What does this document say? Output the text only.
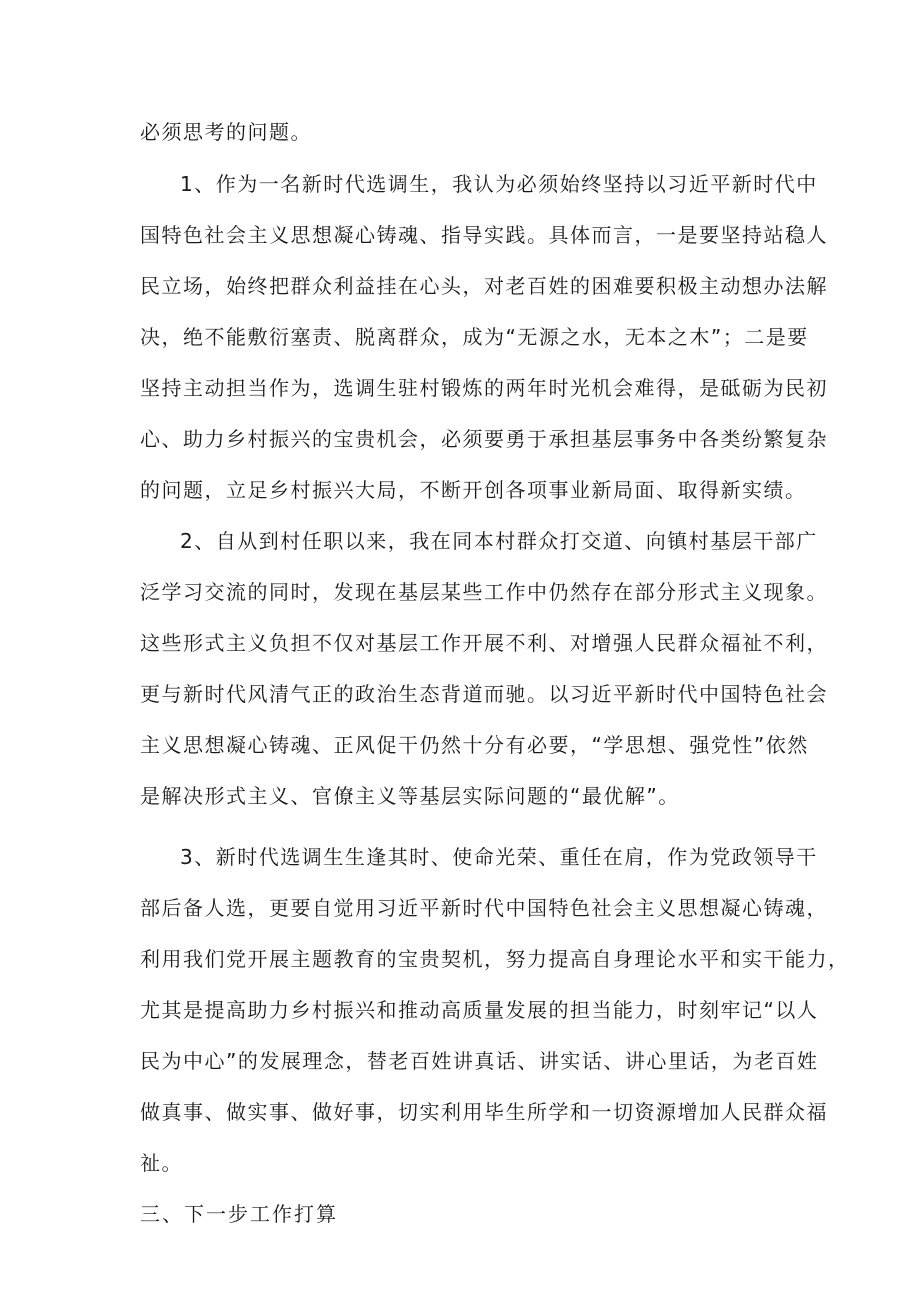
必须思考的问题。

1、作为一名新时代选调生，我认为必须始终坚持以习近平新时代中

国特色社会主义思想凝心铸魂、指导实践。具体而言，一是要坚持站稳人

民立场，始终把群众利益挂在心头，对老百姓的困难要积极主动想办法解

决，绝不能敷衍塞责、脱离群众，成为“无源之水，无本之木”；二是要

坚持主动担当作为，选调生驻村锻炼的两年时光机会难得，是砥砺为民初

心、助力乡村振兴的宝贵机会，必须要勇于承担基层事务中各类纷繁复杂

的问题，立足乡村振兴大局，不断开创各项事业新局面、取得新实绩。

2、自从到村任职以来，我在同本村群众打交道、向镇村基层干部广

泛学习交流的同时，发现在基层某些工作中仍然存在部分形式主义现象。

这些形式主义负担不仅对基层工作开展不利、对增强人民群众福祉不利，

更与新时代风清气正的政治生态背道而驰。以习近平新时代中国特色社会

主义思想凝心铸魂、正风促干仍然十分有必要，“学思想、强党性”依然

是解决形式主义、官僚主义等基层实际问题的“最优解”。

3、新时代选调生生逢其时、使命光荣、重任在肩，作为党政领导干

部后备人选，更要自觉用习近平新时代中国特色社会主义思想凝心铸魂，

利用我们党开展主题教育的宝贵契机，努力提高自身理论水平和实干能力，

尤其是提高助力乡村振兴和推动高质量发展的担当能力，时刻牢记“以人

民为中心”的发展理念，替老百姓讲真话、讲实话、讲心里话，为老百姓

做真事、做实事、做好事，切实利用毕生所学和一切资源增加人民群众福

祉。

三、下一步工作打算
